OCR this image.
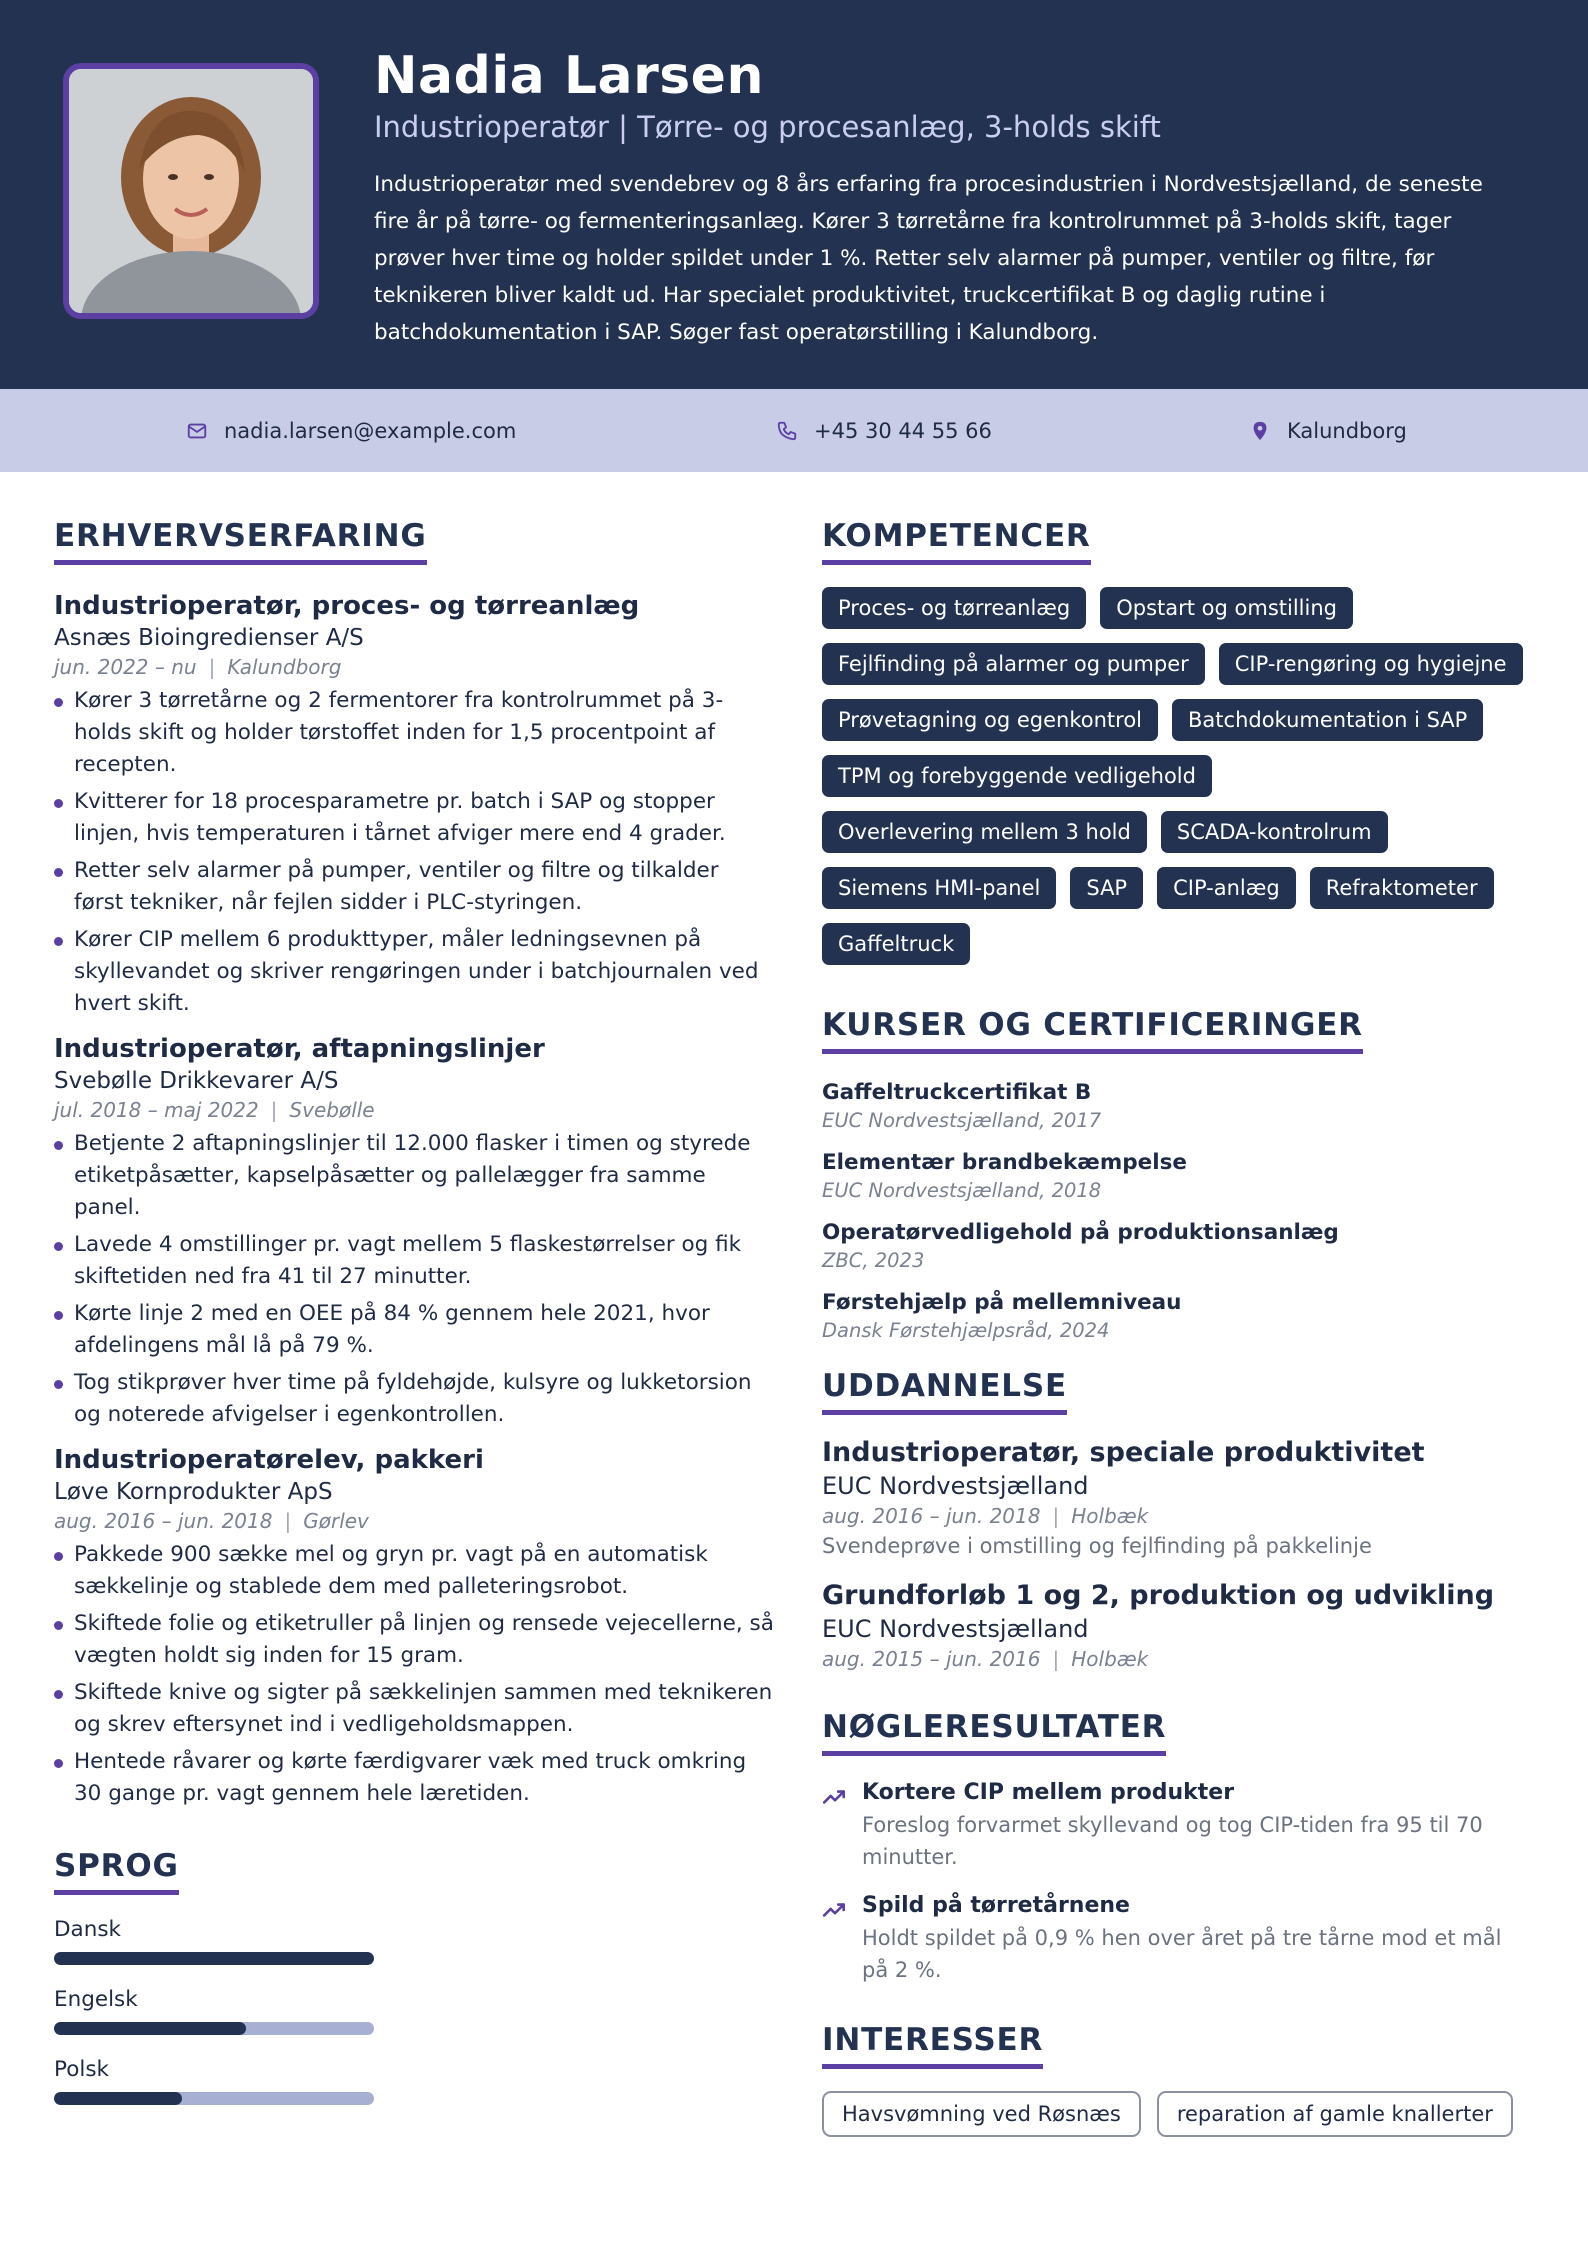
Nadia Larsen
Industrioperatør | Tørre- og procesanlæg, 3-holds skift
Industrioperatør med svendebrev og 8 års erfaring fra procesindustrien i Nordvestsjælland, de seneste fire år på tørre- og fermenteringsanlæg. Kører 3 tørretårne fra kontrolrummet på 3-holds skift, tager prøver hver time og holder spildet under 1 %. Retter selv alarmer på pumper, ventiler og filtre, før teknikeren bliver kaldt ud. Har specialet produktivitet, truckcertifikat B og daglig rutine i batchdokumentation i SAP. Søger fast operatørstilling i Kalundborg.
nadia.larsen@example.com	+45 30 44 55 66	Kalundborg
ERHVERVSERFARING
Industrioperatør, proces- og tørreanlæg
Asnæs Bioingredienser A/S
jun. 2022 – nu | Kalundborg
Kører 3 tørretårne og 2 fermentorer fra kontrolrummet på 3-holds skift og holder tørstoffet inden for 1,5 procentpoint af recepten.
Kvitterer for 18 procesparametre pr. batch i SAP og stopper linjen, hvis temperaturen i tårnet afviger mere end 4 grader.
Retter selv alarmer på pumper, ventiler og filtre og tilkalder først tekniker, når fejlen sidder i PLC-styringen.
Kører CIP mellem 6 produkttyper, måler ledningsevnen på skyllevandet og skriver rengøringen under i batchjournalen ved hvert skift.
Industrioperatør, aftapningslinjer
Svebølle Drikkevarer A/S
jul. 2018 – maj 2022 | Svebølle
Betjente 2 aftapningslinjer til 12.000 flasker i timen og styrede etiketpåsætter, kapselpåsætter og pallelægger fra samme panel.
Lavede 4 omstillinger pr. vagt mellem 5 flaskestørrelser og fik skiftetiden ned fra 41 til 27 minutter.
Kørte linje 2 med en OEE på 84 % gennem hele 2021, hvor afdelingens mål lå på 79 %.
Tog stikprøver hver time på fyldehøjde, kulsyre og lukketorsion og noterede afvigelser i egenkontrollen.
Industrioperatørelev, pakkeri
Løve Kornprodukter ApS
aug. 2016 – jun. 2018 | Gørlev
Pakkede 900 sække mel og gryn pr. vagt på en automatisk sækkelinje og stablede dem med palleteringsrobot.
Skiftede folie og etiketruller på linjen og rensede vejecellerne, så vægten holdt sig inden for 15 gram.
Skiftede knive og sigter på sækkelinjen sammen med teknikeren og skrev eftersynet ind i vedligeholdsmappen.
Hentede råvarer og kørte færdigvarer væk med truck omkring 30 gange pr. vagt gennem hele læretiden.
SPROG
Dansk
Engelsk
Polsk
KOMPETENCER
Proces- og tørreanlæg	Opstart og omstilling
Fejlfinding på alarmer og pumper	CIP-rengøring og hygiejne
Prøvetagning og egenkontrol	Batchdokumentation i SAP
TPM og forebyggende vedligehold
Overlevering mellem 3 hold	SCADA-kontrolrum
Siemens HMI-panel	SAP	CIP-anlæg	Refraktometer
Gaffeltruck
KURSER OG CERTIFICERINGER
Gaffeltruckcertifikat B
EUC Nordvestsjælland, 2017
Elementær brandbekæmpelse
EUC Nordvestsjælland, 2018
Operatørvedligehold på produktionsanlæg
ZBC, 2023
Førstehjælp på mellemniveau
Dansk Førstehjælpsråd, 2024
UDDANNELSE
Industrioperatør, speciale produktivitet
EUC Nordvestsjælland
aug. 2016 – jun. 2018 | Holbæk
Svendeprøve i omstilling og fejlfinding på pakkelinje
Grundforløb 1 og 2, produktion og udvikling
EUC Nordvestsjælland
aug. 2015 – jun. 2016 | Holbæk
NØGLERESULTATER
Kortere CIP mellem produkter
Foreslog forvarmet skyllevand og tog CIP-tiden fra 95 til 70 minutter.
Spild på tørretårnene
Holdt spildet på 0,9 % hen over året på tre tårne mod et mål på 2 %.
INTERESSER
Havsvømning ved Røsnæs	reparation af gamle knallerter
